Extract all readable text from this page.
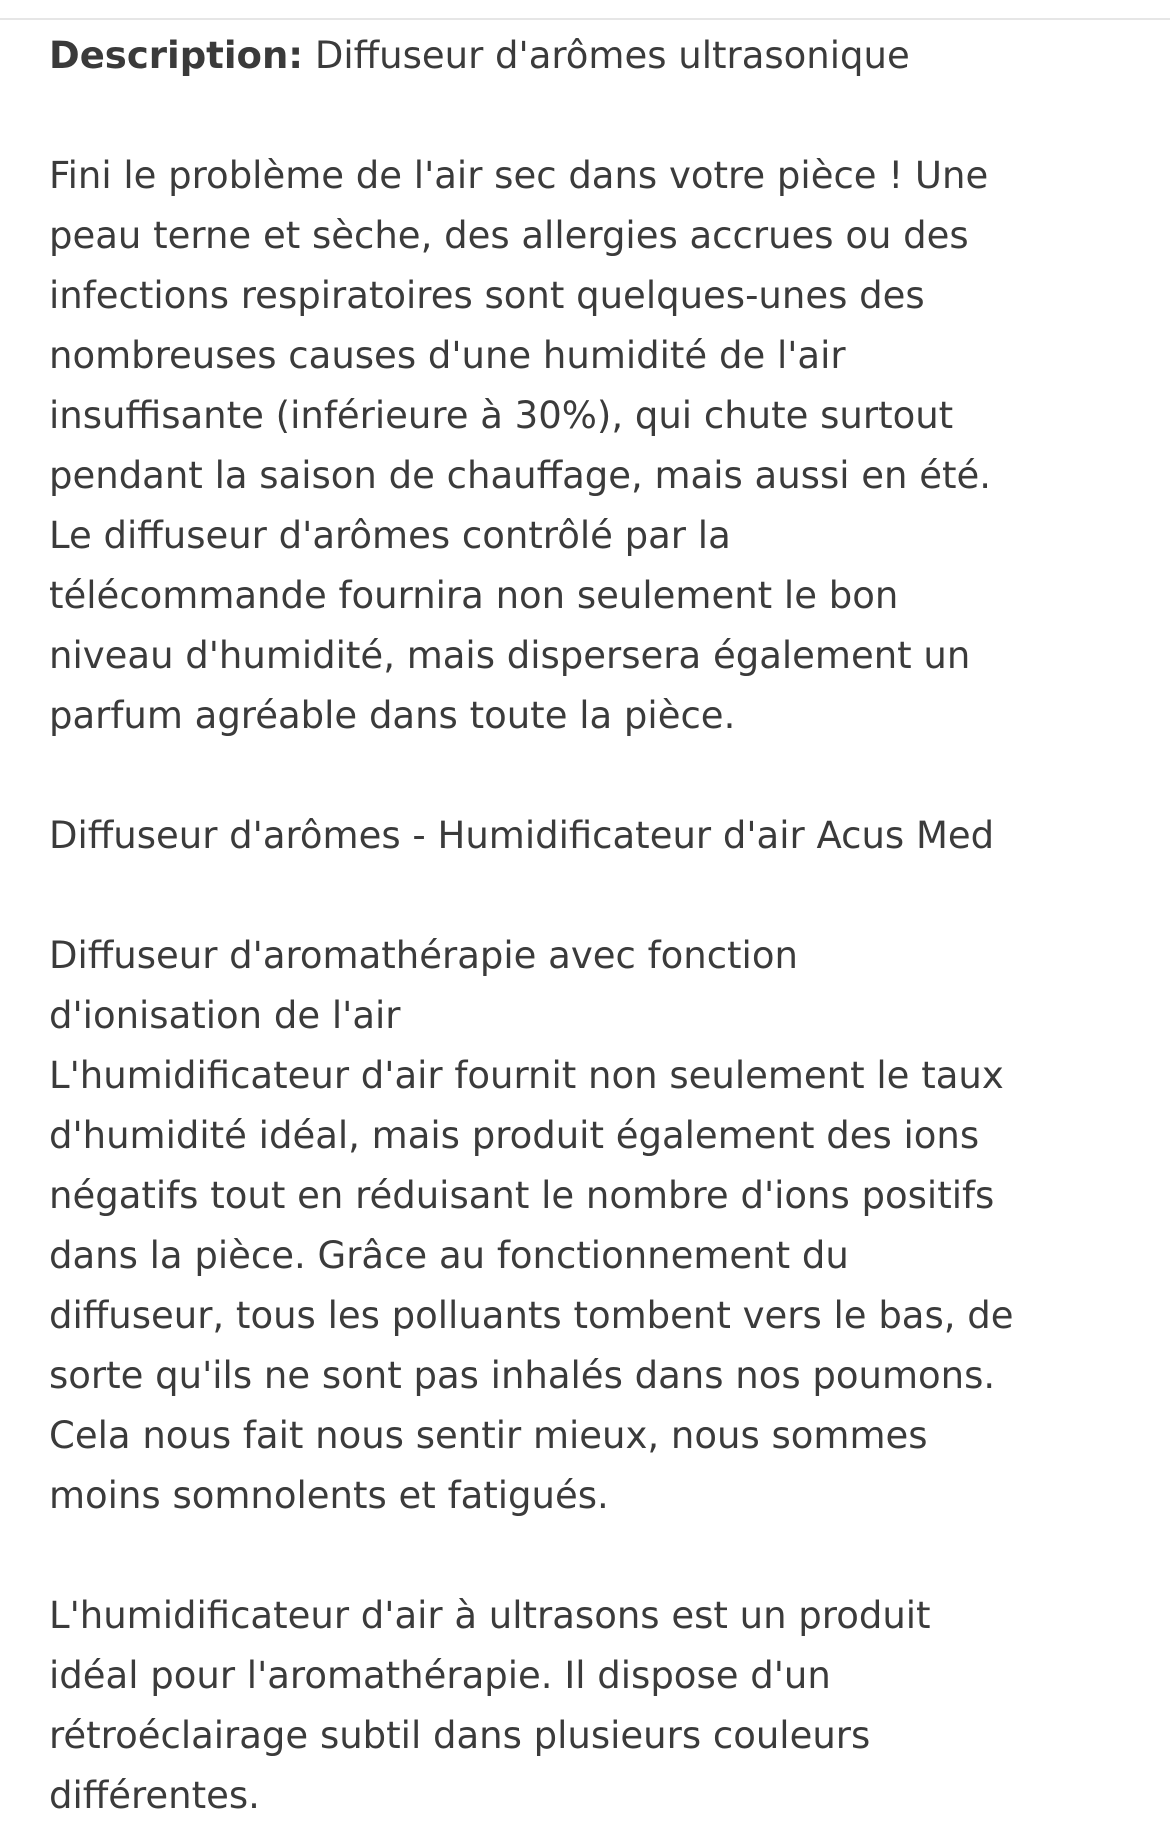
Description: Diffuseur d'arômes ultrasonique

Fini le problème de l'air sec dans votre pièce ! Une

peau terne et sèche, des allergies accrues ou des

infections respiratoires sont quelques-unes des

nombreuses causes d'une humidité de l'air

insuffisante (inférieure à 30%), qui chute surtout

pendant la saison de chauffage, mais aussi en été.

Le diffuseur d'arômes contrôlé par la

télécommande fournira non seulement le bon

niveau d'humidité, mais dispersera également un

parfum agréable dans toute la pièce.

Diffuseur d'arômes - Humidificateur d'air Acus Med

Diffuseur d'aromathérapie avec fonction

d'ionisation de l'air

L'humidificateur d'air fournit non seulement le taux

d'humidité idéal, mais produit également des ions

négatifs tout en réduisant le nombre d'ions positifs

dans la pièce. Grâce au fonctionnement du

diffuseur, tous les polluants tombent vers le bas, de

sorte qu'ils ne sont pas inhalés dans nos poumons.

Cela nous fait nous sentir mieux, nous sommes

moins somnolents et fatigués.

L'humidificateur d'air à ultrasons est un produit

idéal pour l'aromathérapie. Il dispose d'un

rétroéclairage subtil dans plusieurs couleurs

différentes.
